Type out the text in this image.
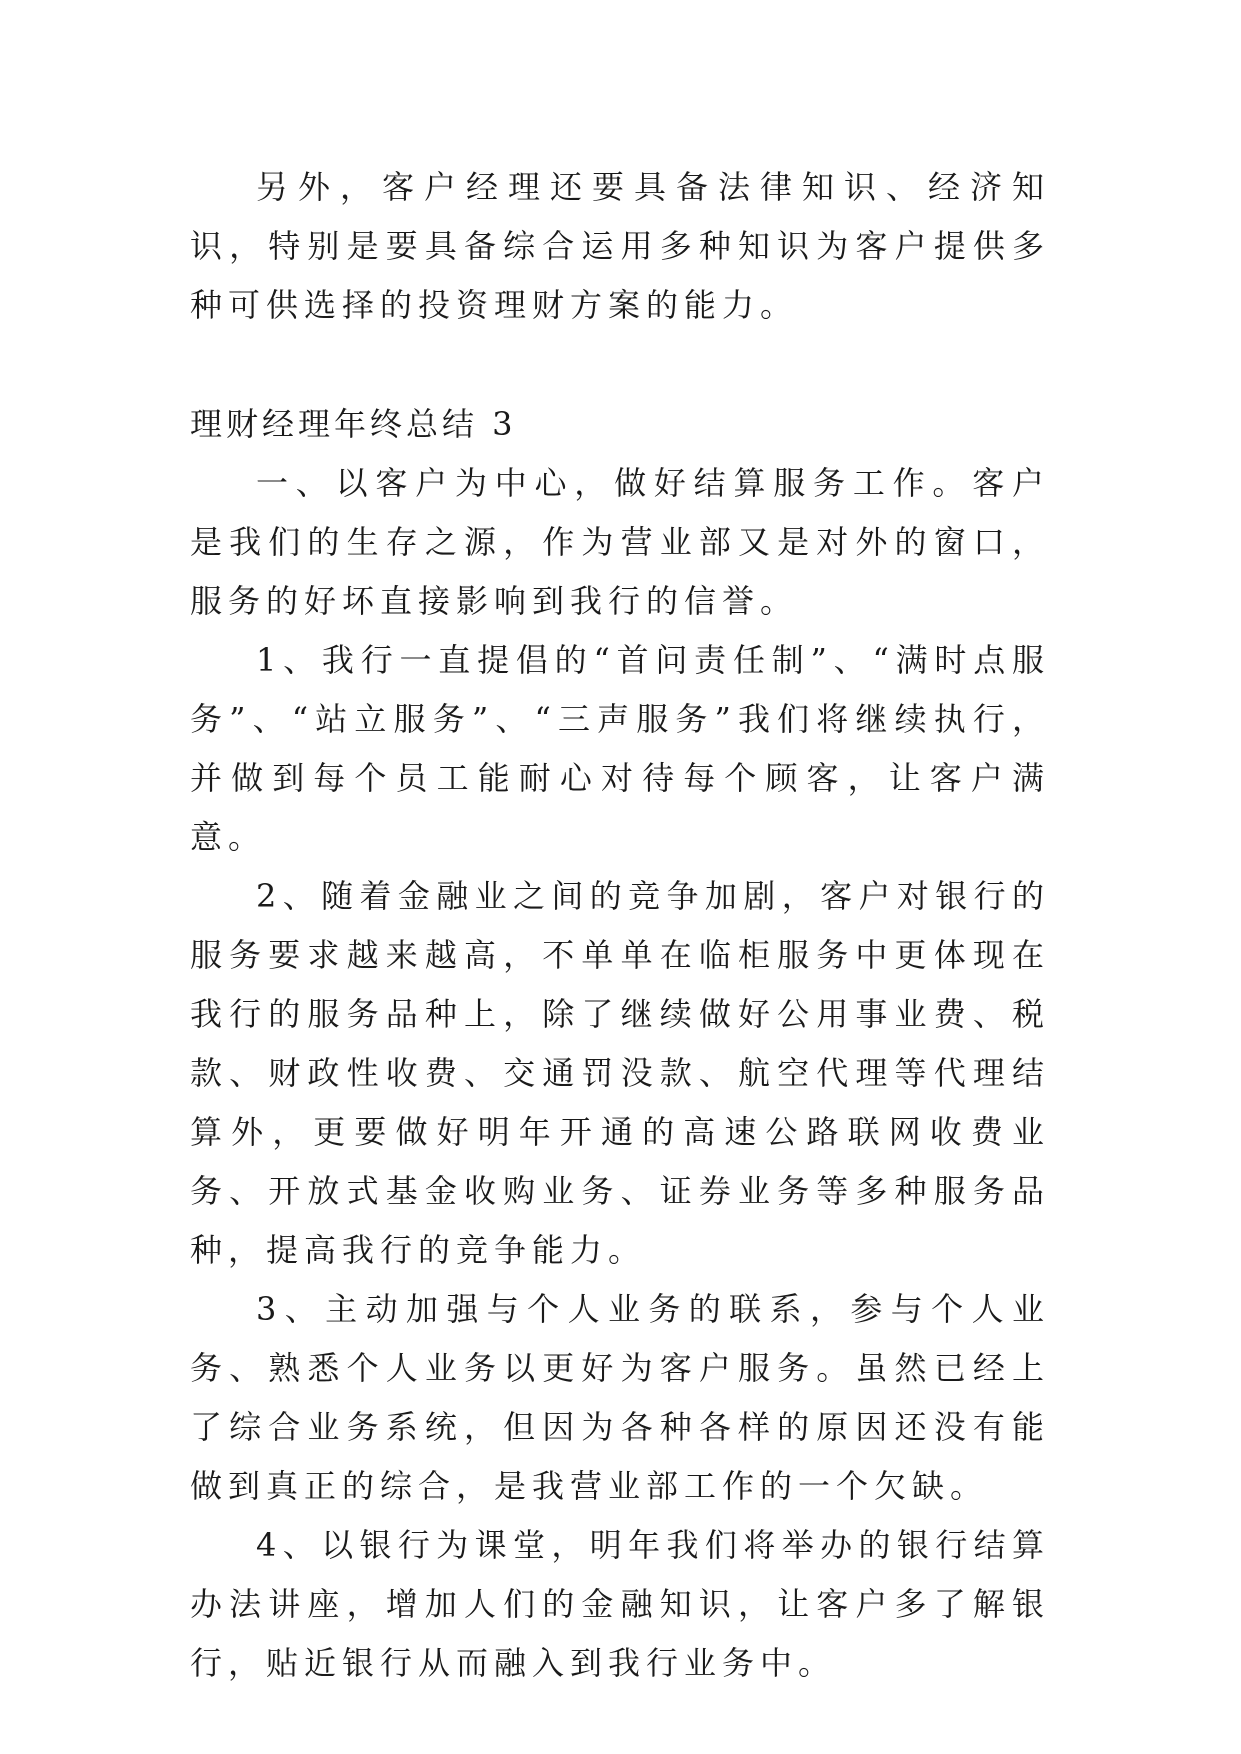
另外，客户经理还要具备法律知识、经济知识，特别是要具备综合运用多种知识为客户提供多种可供选择的投资理财方案的能力。

理财经理年终总结 3

一、以客户为中心，做好结算服务工作。客户是我们的生存之源，作为营业部又是对外的窗口，服务的好坏直接影响到我行的信誉。

1、我行一直提倡的“首问责任制”、“满时点服务”、“站立服务”、“三声服务”我们将继续执行，并做到每个员工能耐心对待每个顾客，让客户满意。

2、随着金融业之间的竞争加剧，客户对银行的服务要求越来越高，不单单在临柜服务中更体现在我行的服务品种上，除了继续做好公用事业费、税款、财政性收费、交通罚没款、航空代理等代理结算外，更要做好明年开通的高速公路联网收费业务、开放式基金收购业务、证券业务等多种服务品种，提高我行的竞争能力。

3、主动加强与个人业务的联系，参与个人业务、熟悉个人业务以更好为客户服务。虽然已经上了综合业务系统，但因为各种各样的原因还没有能做到真正的综合，是我营业部工作的一个欠缺。

4、以银行为课堂，明年我们将举办的银行结算办法讲座，增加人们的金融知识，让客户多了解银行，贴近银行从而融入到我行业务中。
